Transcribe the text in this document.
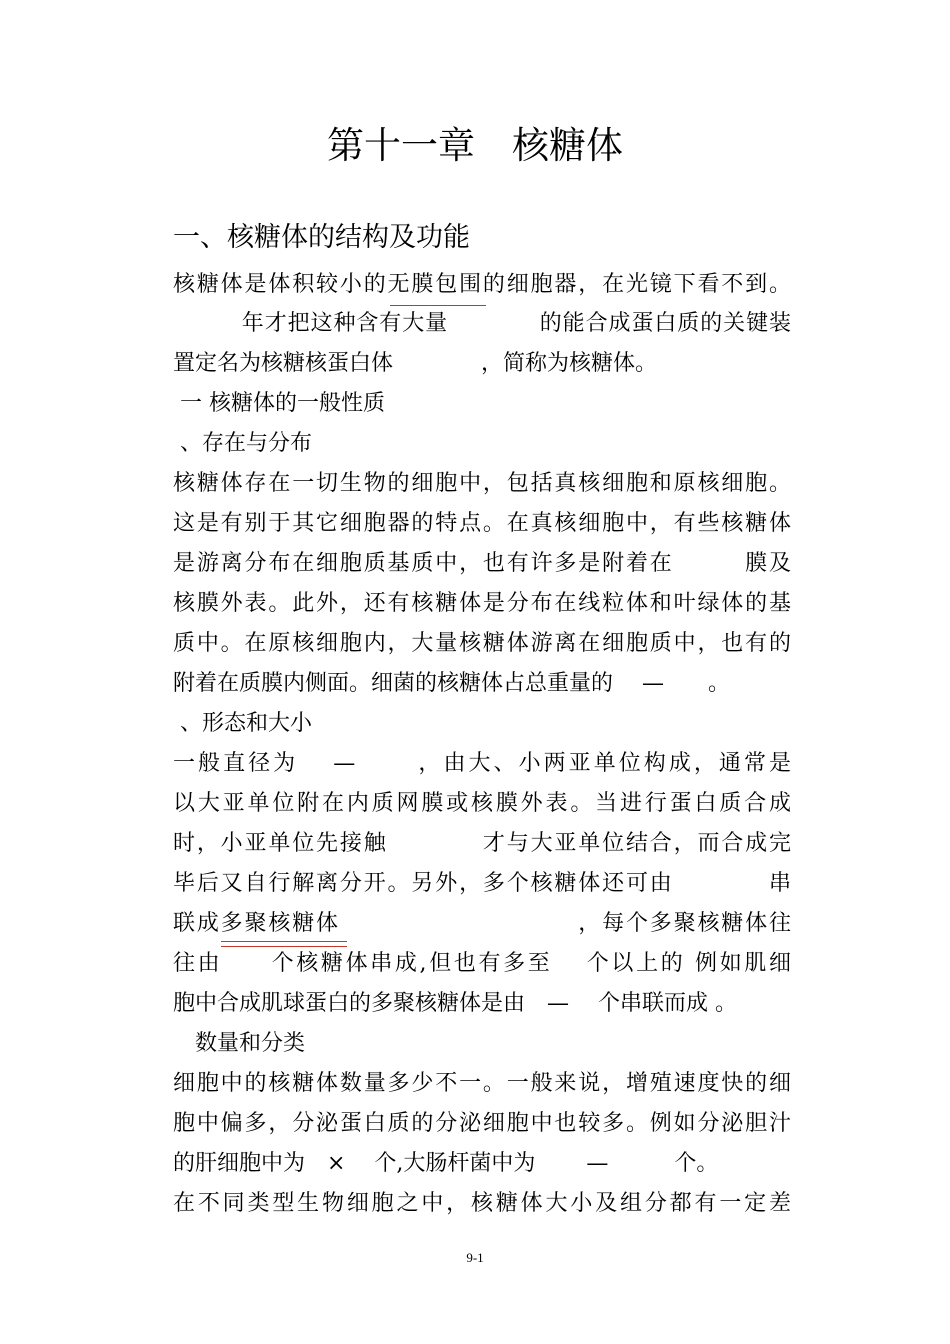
第十一章　核糖体
一、核糖体的结构及功能
核糖体是体积较小的无膜包围的细胞器，在光镜下看不到。
　　　年才把这种含有大量　　　　的能合成蛋白质的关键装
置定名为核糖核蛋白体　　　　，简称为核糖体。
一 核糖体的一般性质
、存在与分布
核糖体存在一切生物的细胞中，包括真核细胞和原核细胞。
这是有别于其它细胞器的特点。在真核细胞中，有些核糖体
是游离分布在细胞质基质中，也有许多是附着在　　　膜及
核膜外表。此外，还有核糖体是分布在线粒体和叶绿体的基
质中。在原核细胞内，大量核糖体游离在细胞质中，也有的
附着在质膜内侧面。细菌的核糖体占总重量的　 —　　。
、形态和大小
一般直径为　 —　　 ，由大、小两亚单位构成，通常是
以大亚单位附在内质网膜或核膜外表。当进行蛋白质合成
时，小亚单位先接触　　　　才与大亚单位结合，而合成完
毕后又自行解离分开。另外，多个核糖体还可由　　　　串
联成多聚核糖体　　　　　　　　　　，每个多聚核糖体往
往由　　个核糖体串成,但也有多至　 个以上的 例如肌细
胞中合成肌球蛋白的多聚核糖体是由　—　 个串联而成 。
　数量和分类
细胞中的核糖体数量多少不一。一般来说，增殖速度快的细
胞中偏多，分泌蛋白质的分泌细胞中也较多。例如分泌胆汁
的肝细胞中为　×　 个,大肠杆菌中为　　 —　　　个。
在不同类型生物细胞之中，核糖体大小及组分都有一定差
9-1
